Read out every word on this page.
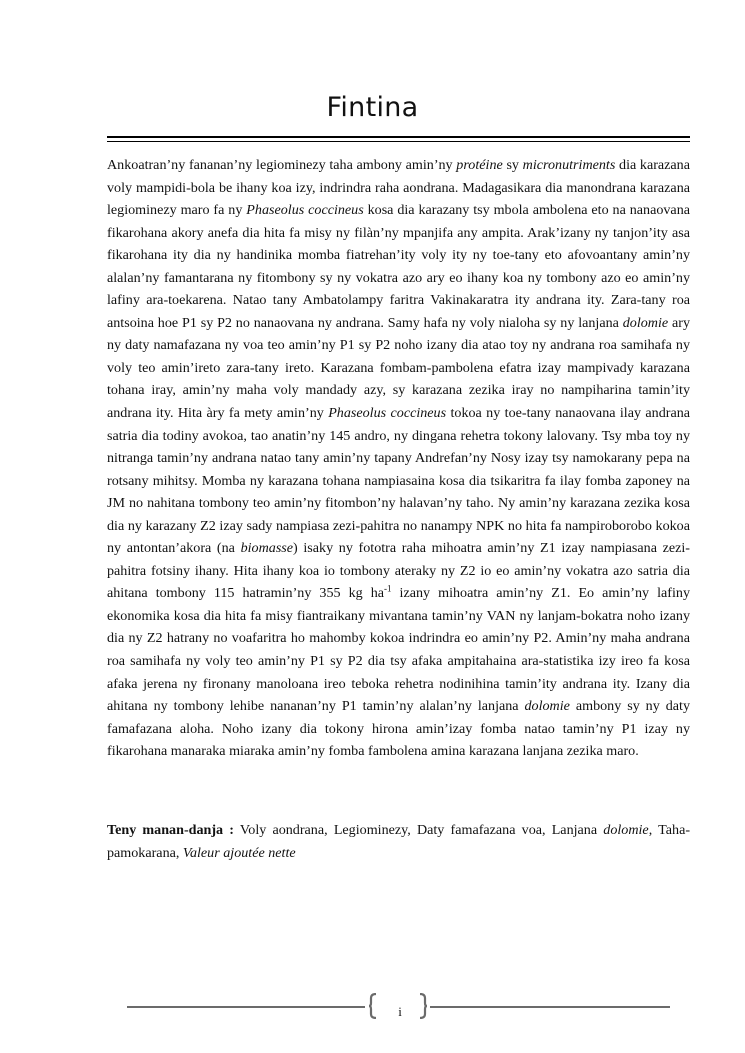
Fintina

Ankoatran’ny fananan’ny legiominezy taha ambony amin’ny protéine sy micronutriments dia karazana voly mampidi-bola be ihany koa izy, indrindra raha aondrana. Madagasikara dia manondrana karazana legiominezy maro fa ny Phaseolus coccineus kosa dia karazany tsy mbola ambolena eto na nanaovana fikarohana akory anefa dia hita fa misy ny filàn’ny mpanjifa any ampita. Arak’izany ny tanjon’ity asa fikarohana ity dia ny handinika momba fiatrehan’ity voly ity ny toe-tany eto afovoantany amin’ny alalan’ny famantarana ny fitombony sy ny vokatra azo ary eo ihany koa ny tombony azo eo amin’ny lafiny ara-toekarena. Natao tany Ambatolampy faritra Vakinakaratra ity andrana ity. Zara-tany roa antsoina hoe P1 sy P2 no nanaovana ny andrana. Samy hafa ny voly nialoha sy ny lanjana dolomie ary ny daty namafazana ny voa teo amin’ny P1 sy P2 noho izany dia atao toy ny andrana roa samihafa ny voly teo amin’ireto zara-tany ireto. Karazana fombam-pambolena efatra izay mampivady karazana tohana iray, amin’ny maha voly mandady azy, sy karazana zezika iray no nampiharina tamin’ity andrana ity. Hita àry fa mety amin’ny Phaseolus coccineus tokoa ny toe-tany nanaovana ilay andrana satria dia todiny avokoa, tao anatin’ny 145 andro, ny dingana rehetra tokony lalovany. Tsy mba toy ny nitranga tamin’ny andrana natao tany amin’ny tapany Andrefan’ny Nosy izay tsy namokarany pepa na rotsany mihitsy. Momba ny karazana tohana nampiasaina kosa dia tsikaritra fa ilay fomba zaponey na JM no nahitana tombony teo amin’ny fitombon’ny halavan’ny taho. Ny amin’ny karazana zezika kosa dia ny karazany Z2 izay sady nampiasa zezi-pahitra no nanampy NPK no hita fa nampiroborobo kokoa ny antontan’akora (na biomasse) isaky ny fototra raha mihoatra amin’ny Z1 izay nampiasana zezi-pahitra fotsiny ihany. Hita ihany koa io tombony ateraky ny Z2 io eo amin’ny vokatra azo satria dia ahitana tombony 115 hatramin’ny 355 kg $ha^{-1}$ izany mihoatra amin’ny Z1. Eo amin’ny lafiny ekonomika kosa dia hita fa misy fiantraikany mivantana tamin’ny VAN ny lanjam-bokatra noho izany dia ny Z2 hatrany no voafaritra ho mahomby kokoa indrindra eo amin’ny P2. Amin’ny maha andrana roa samihafa ny voly teo amin’ny P1 sy P2 dia tsy afaka ampitahaina ara-statistika izy ireo fa kosa afaka jerena ny fironany manoloana ireo teboka rehetra nodinihina tamin’ity andrana ity. Izany dia ahitana ny tombony lehibe nananan’ny P1 tamin’ny alalan’ny lanjana dolomie ambony sy ny daty famafazana aloha. Noho izany dia tokony hirona amin’izay fomba natao tamin’ny P1 izay ny fikarohana manaraka miaraka amin’ny fomba fambolena amina karazana lanjana zezika maro.

Teny manan-danja : Voly aondrana, Legiominezy, Daty famafazana voa, Lanjana dolomie, Taha-pamokarana, Valeur ajoutée nette

i
